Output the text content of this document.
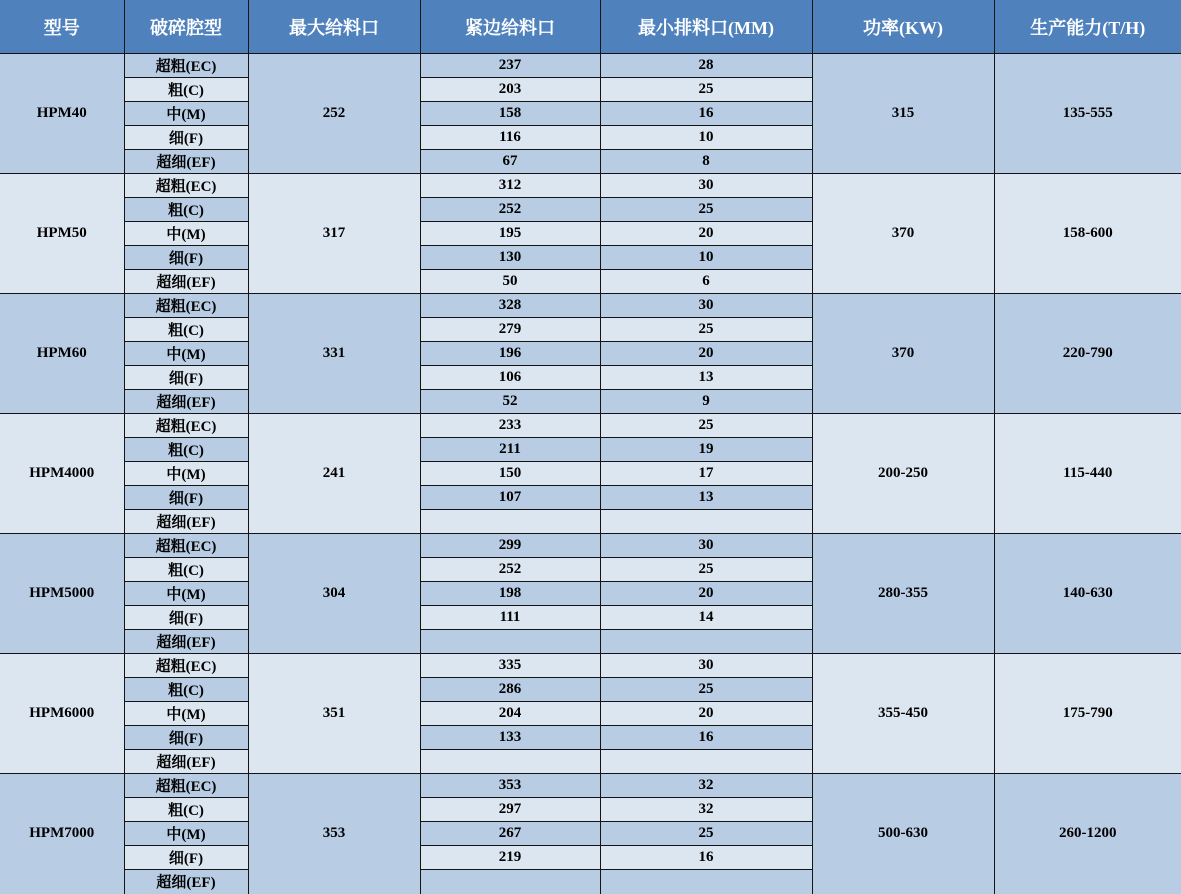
型号	破碎腔型	最大给料口	紧边给料口	最小排料口(MM)	功率(KW)	生产能力(T/H)
HPM40	超粗(EC)	252	237	28	315	135-555
	粗(C)		203	25		
	中(M)		158	16		
	细(F)		116	10		
	超细(EF)		67	8		
HPM50	超粗(EC)	317	312	30	370	158-600
	粗(C)		252	25		
	中(M)		195	20		
	细(F)		130	10		
	超细(EF)		50	6		
HPM60	超粗(EC)	331	328	30	370	220-790
	粗(C)		279	25		
	中(M)		196	20		
	细(F)		106	13		
	超细(EF)		52	9		
HPM4000	超粗(EC)	241	233	25	200-250	115-440
	粗(C)		211	19		
	中(M)		150	17		
	细(F)		107	13		
	超细(EF)					
HPM5000	超粗(EC)	304	299	30	280-355	140-630
	粗(C)		252	25		
	中(M)		198	20		
	细(F)		111	14		
	超细(EF)					
HPM6000	超粗(EC)	351	335	30	355-450	175-790
	粗(C)		286	25		
	中(M)		204	20		
	细(F)		133	16		
	超细(EF)					
HPM7000	超粗(EC)	353	353	32	500-630	260-1200
	粗(C)		297	32		
	中(M)		267	25		
	细(F)		219	16		
	超细(EF)					
